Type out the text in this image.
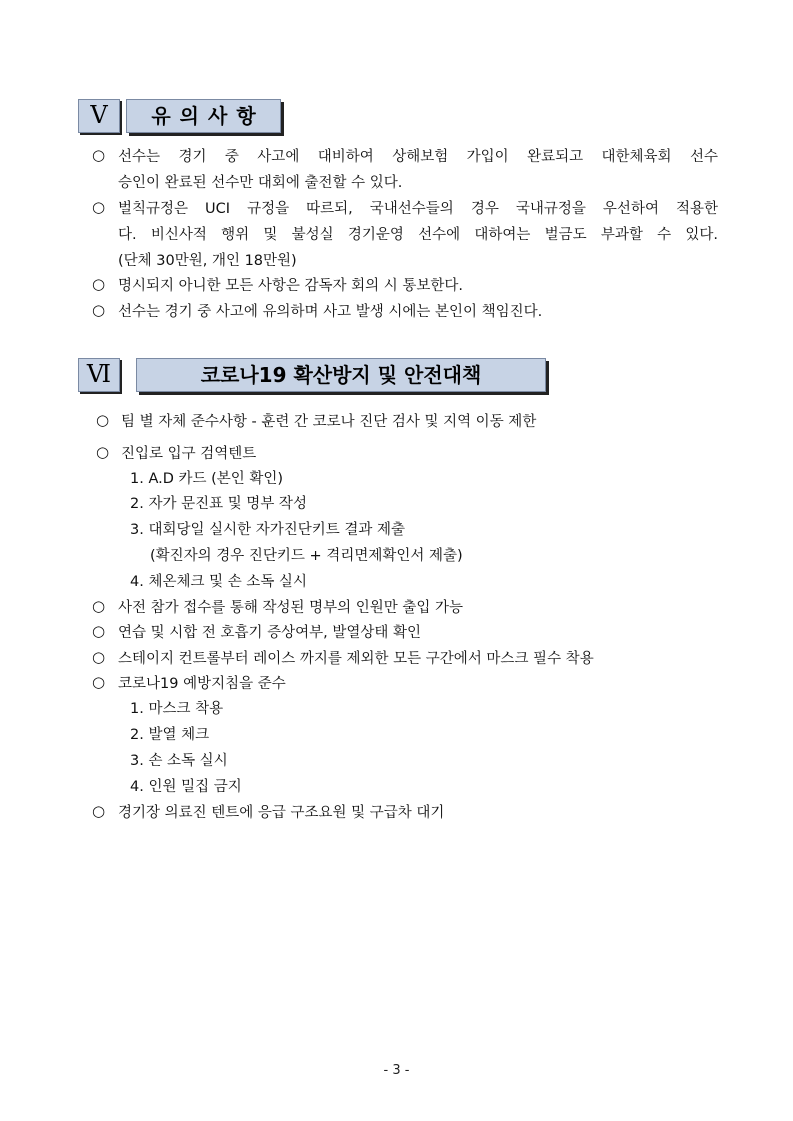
Ⅴ	유의사항
○ 선수는 경기 중 사고에 대비하여 상해보험 가입이 완료되고 대한체육회 선수
승인이 완료된 선수만 대회에 출전할 수 있다.
○ 벌칙규정은 UCI 규정을 따르되, 국내선수들의 경우 국내규정을 우선하여 적용한
다. 비신사적 행위 및 불성실 경기운영 선수에 대하여는 벌금도 부과할 수 있다.
(단체 30만원, 개인 18만원)
○ 명시되지 아니한 모든 사항은 감독자 회의 시 통보한다.
○ 선수는 경기 중 사고에 유의하며 사고 발생 시에는 본인이 책임진다.
Ⅵ	코로나19 확산방지 및 안전대책
○ 팀 별 자체 준수사항 - 훈련 간 코로나 진단 검사 및 지역 이동 제한
○ 진입로 입구 검역텐트
1. A.D 카드 (본인 확인)
2. 자가 문진표 및 명부 작성
3. 대회당일 실시한 자가진단키트 결과 제출
(확진자의 경우 진단키드 + 격리면제확인서 제출)
4. 체온체크 및 손 소독 실시
○ 사전 참가 접수를 통해 작성된 명부의 인원만 출입 가능
○ 연습 및 시합 전 호흡기 증상여부, 발열상태 확인
○ 스테이지 컨트롤부터 레이스 까지를 제외한 모든 구간에서 마스크 필수 착용
○ 코로나19 예방지침을 준수
1. 마스크 착용
2. 발열 체크
3. 손 소독 실시
4. 인원 밀집 금지
○ 경기장 의료진 텐트에 응급 구조요원 및 구급차 대기
- 3 -
